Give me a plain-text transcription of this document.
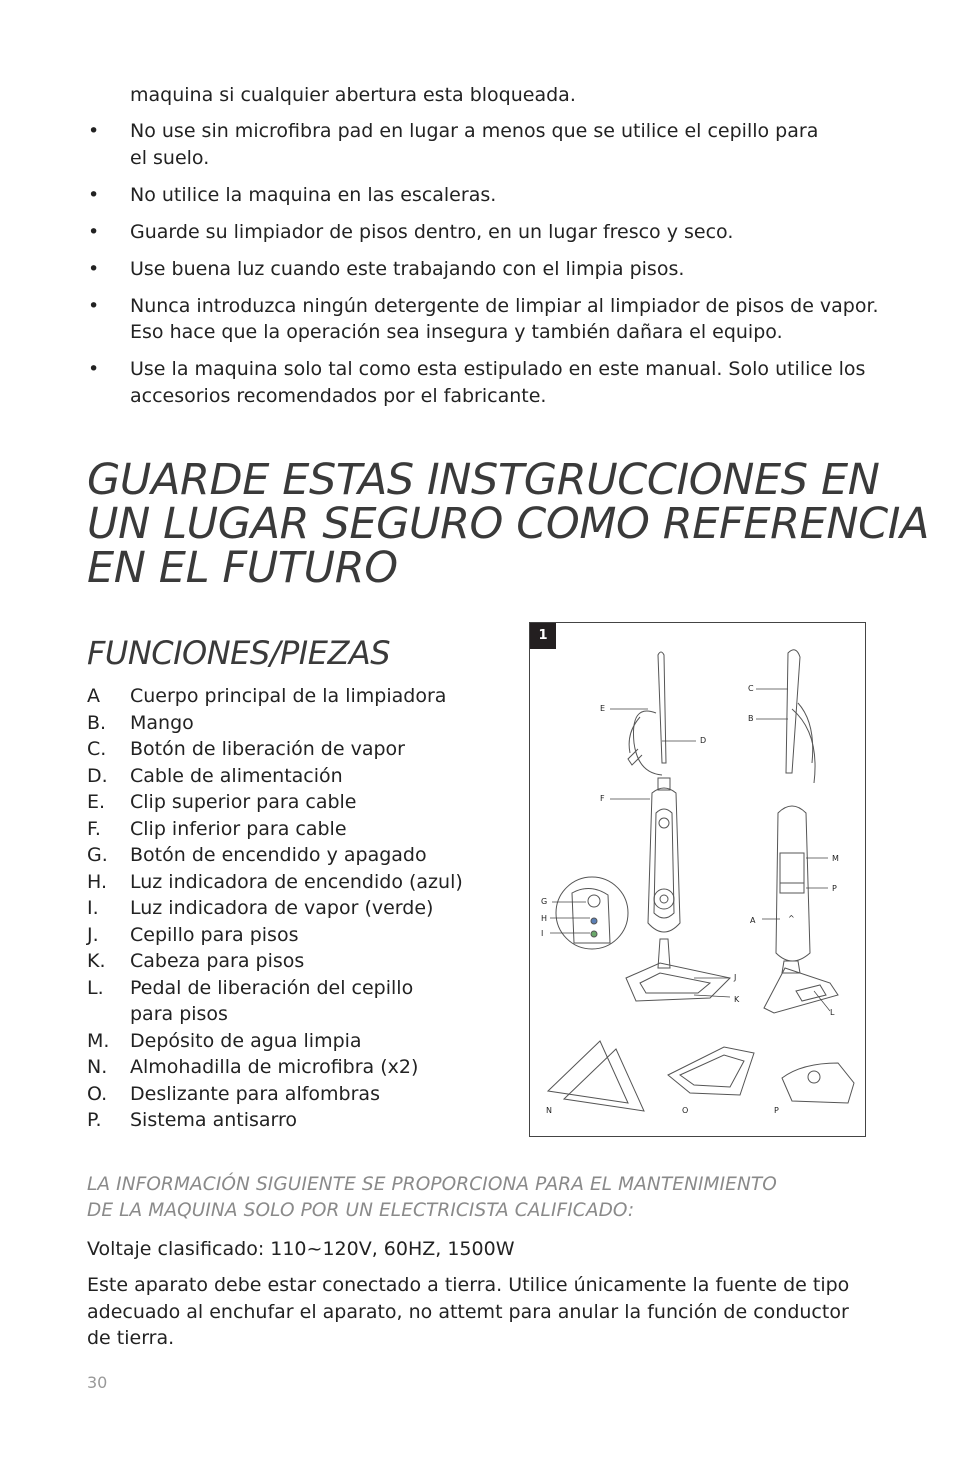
maquina si cualquier abertura esta bloqueada.
• No use sin microfibra pad en lugar a menos que se utilice el cepillo para
el suelo.
• No utilice la maquina en las escaleras.
• Guarde su limpiador de pisos dentro, en un lugar fresco y seco.
• Use buena luz cuando este trabajando con el limpia pisos.
• Nunca introduzca ningún detergente de limpiar al limpiador de pisos de vapor.
Eso hace que la operación sea insegura y también dañara el equipo.
• Use la maquina solo tal como esta estipulado en este manual. Solo utilice los
accesorios recomendados por el fabricante.
GUARDE ESTAS INSTGRUCCIONES EN
UN LUGAR SEGURO COMO REFERENCIA
EN EL FUTURO
FUNCIONES/PIEZAS
A Cuerpo principal de la limpiadora
B. Mango
C. Botón de liberación de vapor
D. Cable de alimentación
E. Clip superior para cable
F. Clip inferior para cable
G. Botón de encendido y apagado
H. Luz indicadora de encendido (azul)
I. Luz indicadora de vapor (verde)
J. Cepillo para pisos
K. Cabeza para pisos
L. Pedal de liberación del cepillo
para pisos
M. Depósito de agua limpia
N. Almohadilla de microfibra (x2)
O. Deslizante para alfombras
P. Sistema antisarro
E
D
F
G
H
I
J
K
C
B
M
P
A	^
L
N	O	P
1
LA INFORMACIÓN SIGUIENTE SE PROPORCIONA PARA EL MANTENIMIENTO
DE LA MAQUINA SOLO POR UN ELECTRICISTA CALIFICADO:
Voltaje clasificado: 110~120V, 60HZ, 1500W
Este aparato debe estar conectado a tierra. Utilice únicamente la fuente de tipo
adecuado al enchufar el aparato, no attemt para anular la función de conductor
de tierra.
30
